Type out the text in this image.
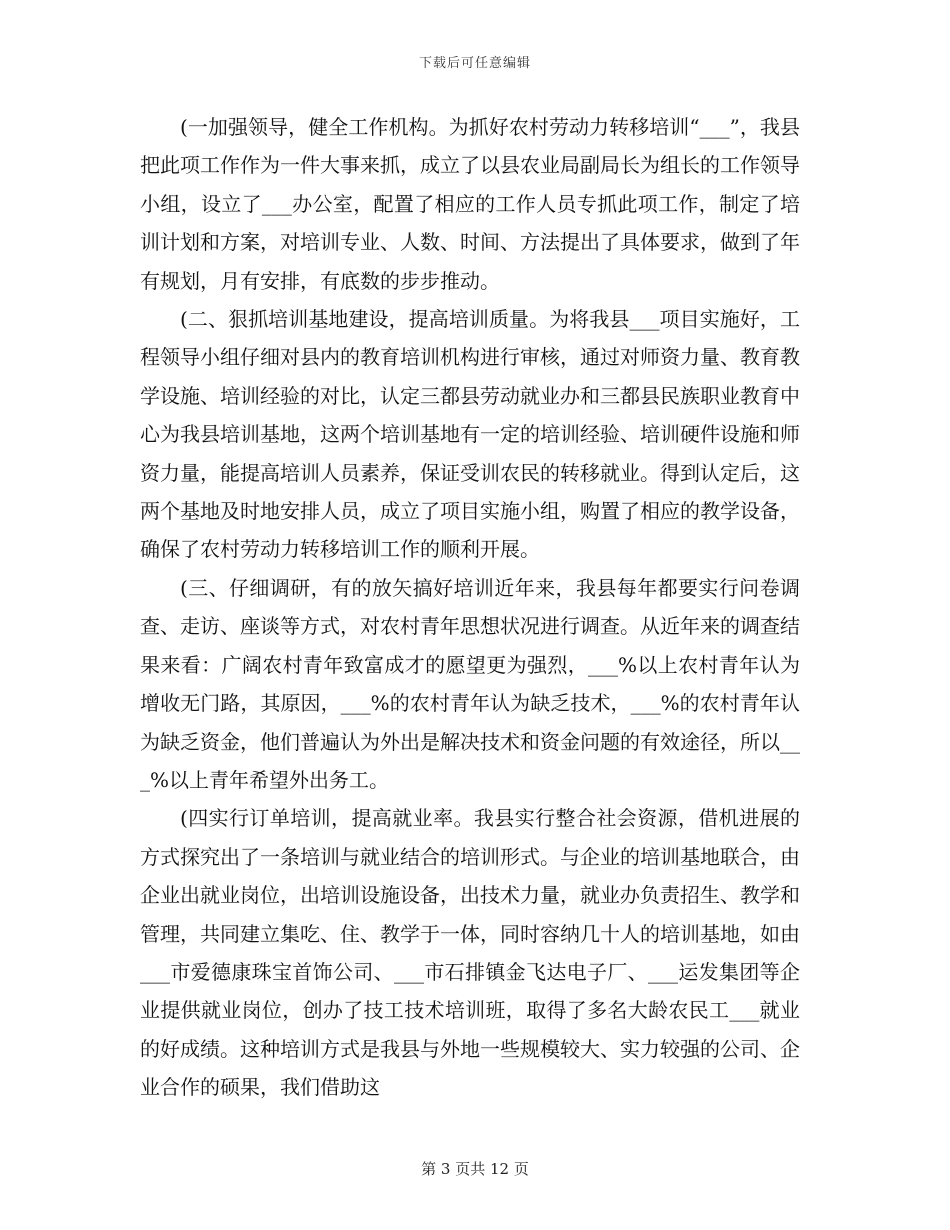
下载后可任意编辑

(一加强领导，健全工作机构。为抓好农村劳动力转移培训“___”，我县把此项工作作为一件大事来抓，成立了以县农业局副局长为组长的工作领导小组，设立了___办公室，配置了相应的工作人员专抓此项工作，制定了培训计划和方案，对培训专业、人数、时间、方法提出了具体要求，做到了年有规划，月有安排，有底数的步步推动。

(二、狠抓培训基地建设，提高培训质量。为将我县___项目实施好，工程领导小组仔细对县内的教育培训机构进行审核，通过对师资力量、教育教学设施、培训经验的对比，认定三都县劳动就业办和三都县民族职业教育中心为我县培训基地，这两个培训基地有一定的培训经验、培训硬件设施和师资力量，能提高培训人员素养，保证受训农民的转移就业。得到认定后，这两个基地及时地安排人员，成立了项目实施小组，购置了相应的教学设备，确保了农村劳动力转移培训工作的顺利开展。

(三、仔细调研，有的放矢搞好培训近年来，我县每年都要实行问卷调查、走访、座谈等方式，对农村青年思想状况进行调查。从近年来的调查结果来看：广阔农村青年致富成才的愿望更为强烈，___%以上农村青年认为增收无门路，其原因，___%的农村青年认为缺乏技术，___%的农村青年认为缺乏资金，他们普遍认为外出是解决技术和资金问题的有效途径，所以___%以上青年希望外出务工。

(四实行订单培训，提高就业率。我县实行整合社会资源，借机进展的方式探究出了一条培训与就业结合的培训形式。与企业的培训基地联合，由企业出就业岗位，出培训设施设备，出技术力量，就业办负责招生、教学和管理，共同建立集吃、住、教学于一体，同时容纳几十人的培训基地，如由___市爱德康珠宝首饰公司、___市石排镇金飞达电子厂、___运发集团等企业提供就业岗位，创办了技工技术培训班，取得了多名大龄农民工___就业的好成绩。这种培训方式是我县与外地一些规模较大、实力较强的公司、企业合作的硕果，我们借助这

第 3 页共 12 页
